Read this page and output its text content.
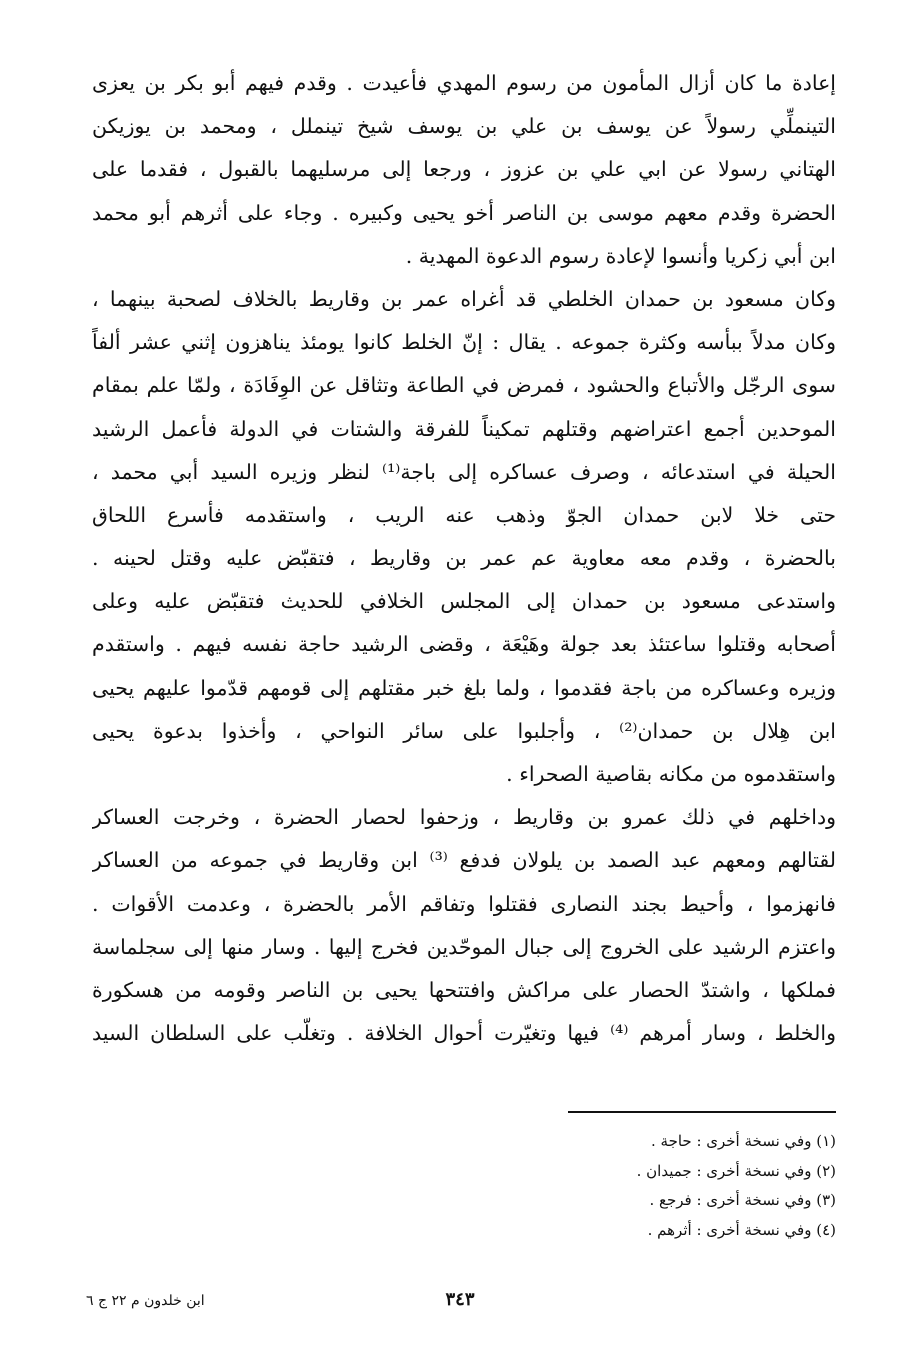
إعادة ما كان أزال المأمون من رسوم المهدي فأعيدت . وقدم فيهم أبو بكر بن يعزى
التينملِّي رسولاً عن يوسف بن علي بن يوسف شيخ تينملل ، ومحمد بن يوزيكن
الهتاني رسولا عن ابي علي بن عزوز ، ورجعا إلى مرسليهما بالقبول ، فقدما على
الحضرة وقدم معهم موسى بن الناصر أخو يحيى وكبيره . وجاء على أثرهم أبو محمد
ابن أبي زكريا وأنسوا لإعادة رسوم الدعوة المهدية .
وكان مسعود بن حمدان الخلطي قد أغراه عمر بن وقاريط بالخلاف لصحبة بينهما ،
وكان مدلاً ببأسه وكثرة جموعه . يقال : إنّ الخلط كانوا يومئذ يناهزون إثني عشر ألفاً
سوى الرجّل والأتباع والحشود ، فمرض في الطاعة وتثاقل عن الوِفَادَة ، ولمّا علم بمقام
الموحدين أجمع اعتراضهم وقتلهم تمكيناً للفرقة والشتات في الدولة فأعمل الرشيد
الحيلة في استدعائه ، وصرف عساكره إلى باجة⁽¹⁾ لنظر وزيره السيد أبي محمد ،
حتى خلا لابن حمدان الجوّ وذهب عنه الريب ، واستقدمه فأسرع اللحاق
بالحضرة ، وقدم معه معاوية عم عمر بن وقاريط ، فتقبّض عليه وقتل لحينه .
واستدعى مسعود بن حمدان إلى المجلس الخلافي للحديث فتقبّض عليه وعلى
أصحابه وقتلوا ساعتئذ بعد جولة وهَيْعَة ، وقضى الرشيد حاجة نفسه فيهم . واستقدم
وزيره وعساكره من باجة فقدموا ، ولما بلغ خبر مقتلهم إلى قومهم قدّموا عليهم يحيى
ابن هِلال بن حمدان⁽²⁾ ، وأجلبوا على سائر النواحي ، وأخذوا بدعوة يحيى
واستقدموه من مكانه بقاصية الصحراء .
وداخلهم في ذلك عمرو بن وقاريط ، وزحفوا لحصار الحضرة ، وخرجت العساكر
لقتالهم ومعهم عبد الصمد بن يلولان فدفع ⁽³⁾ ابن وقاريط في جموعه من العساكر
فانهزموا ، وأحيط بجند النصارى فقتلوا وتفاقم الأمر بالحضرة ، وعدمت الأقوات .
واعتزم الرشيد على الخروج إلى جبال الموحّدين فخرج إليها . وسار منها إلى سجلماسة
فملكها ، واشتدّ الحصار على مراكش وافتتحها يحيى بن الناصر وقومه من هسكورة
والخلط ، وسار أمرهم ⁽⁴⁾ فيها وتغيّرت أحوال الخلافة . وتغلّب على السلطان السيد
(١) وفي نسخة أخرى : حاجة .
(٢) وفي نسخة أخرى : جميدان .
(٣) وفي نسخة أخرى : فرجع .
(٤) وفي نسخة أخرى : أثرهم .
٣٤٣
ابن خلدون م ٢٢ ج ٦
